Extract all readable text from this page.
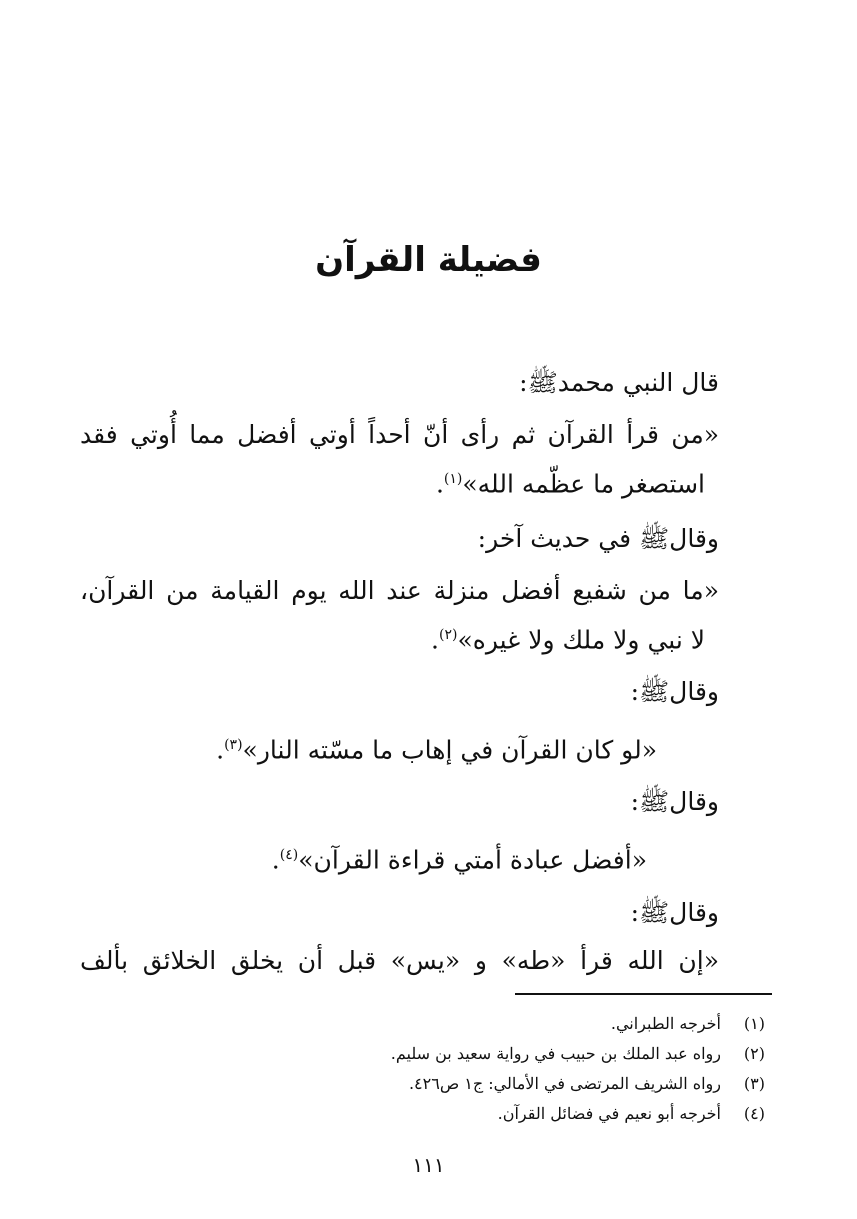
فضيلة القرآن
قال النبي محمدﷺ:
«من قرأ القرآن ثم رأى أنّ أحداً أوتي أفضل مما أُوتي فقد
استصغر ما عظّمه الله»$^{(١)}$.
وقالﷺ في حديث آخر:
«ما من شفيع أفضل منزلة عند الله يوم القيامة من القرآن،
لا نبي ولا ملك ولا غيره»$^{(٢)}$.
وقالﷺ:
«لو كان القرآن في إهاب ما مسّته النار»$^{(٣)}$.
وقالﷺ:
«أفضل عبادة أمتي قراءة القرآن»$^{(٤)}$.
وقالﷺ:
«إن الله قرأ «طه» و «يس» قبل أن يخلق الخلائق بألف
(١)
أخرجه الطبراني.
(٢)
رواه عبد الملك بن حبيب في رواية سعيد بن سليم.
(٣)
رواه الشريف المرتضى في الأمالي: ج١ ص٤٢٦.
(٤)
أخرجه أبو نعيم في فضائل القرآن.
١١١
